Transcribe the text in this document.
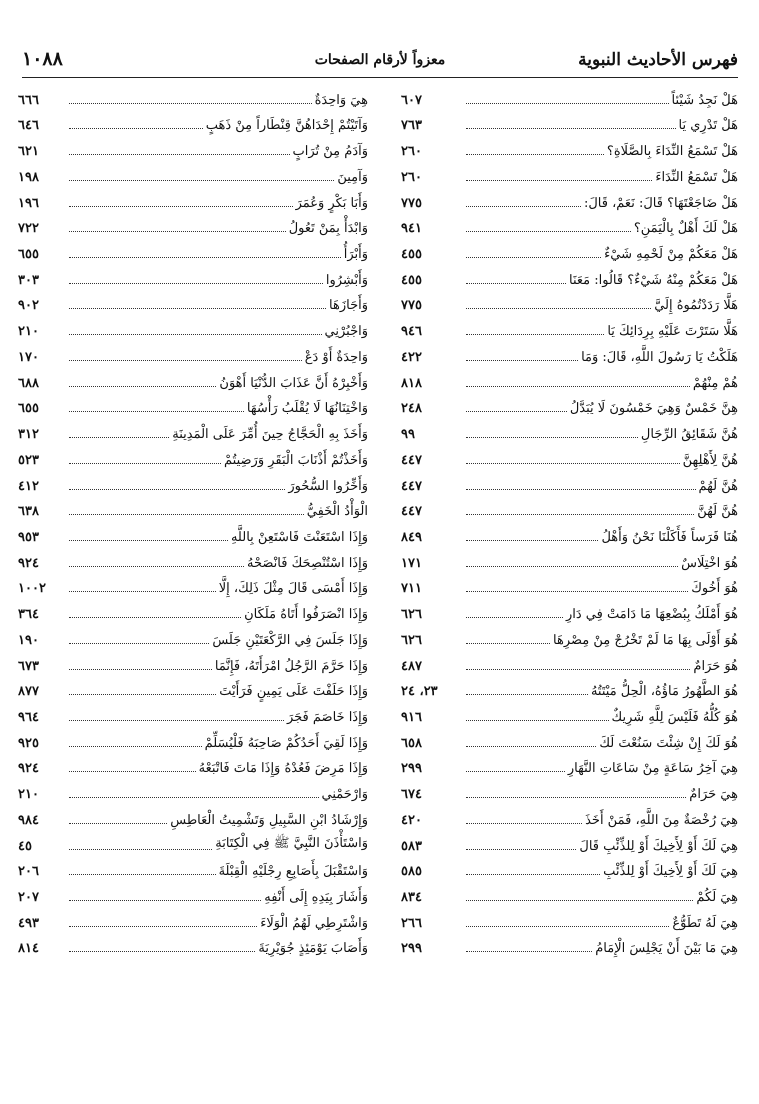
فهرس الأحاديث النبوية
معزواً لأرقام الصفحات
١٠٨٨
هَلْ نَجِدُ شَيْئاً
٦٠٧
هَلْ تَدْرِي يَا
٧٦٣
هَلْ تَسْمَعُ النِّدَاءَ بِالصَّلَاةِ؟
٢٦٠
هَلْ تَسْمَعُ النِّدَاءَ
٢٦٠
هَلْ ضَاجَعْتَهَا؟ قَالَ: نَعَمْ، قَالَ:
٧٧٥
هَلْ لَكَ أَهْلٌ بِالْيَمَنِ؟
٩٤١
هَلْ مَعَكُمْ مِنْ لَحْمِهِ شَيْءٌ
٤٥٥
هَلْ مَعَكُمْ مِنْهُ شَيْءٌ؟ قَالُوا: مَعَنَا
٤٥٥
هَلَّا رَدَدْتُمُوهُ إِلَيَّ
٧٧٥
هَلَّا سَتَرْتَ عَلَيْهِ بِرِدَائِكَ يَا
٩٤٦
هَلَكْتُ يَا رَسُولَ اللَّهِ، قَالَ: وَمَا
٤٢٢
هُمْ مِنْهُمْ
٨١٨
هِنَّ خَمْسٌ وَهِيَ خَمْسُونَ لَا يُبَدَّلُ
٢٤٨
هُنَّ شَقَائِقُ الرِّجَالِ
٩٩
هُنَّ لِأَهْلِهِنَّ
٤٤٧
هُنَّ لَهُمْ
٤٤٧
هُنَّ لَهُنَّ
٤٤٧
هُنَا فَرَساً فَأَكَلْنَا نَحْنُ وَأَهْلُ
٨٤٩
هُوَ اخْتِلَاسٌ
١٧١
هُوَ أَخُوكَ
٧١١
هُوَ أَمْلَكُ بِبُضْعِهَا مَا دَامَتْ فِي دَارِ
٦٢٦
هُوَ أَوْلَى بِهَا مَا لَمْ تَخْرُجْ مِنْ مِصْرِهَا
٦٢٦
هُوَ حَرَامٌ
٤٨٧
هُوَ الطَّهُورُ مَاؤُهُ، الْحِلُّ مَيْتَتُهُ
٢٣، ٢٤
هُوَ كُلُّهُ فَلَيْسَ لِلَّهِ شَرِيكٌ
٩١٦
هُوَ لَكَ إِنْ شِئْتَ سَنُعْتَ لَكَ
٦٥٨
هِيَ آخِرُ سَاعَةٍ مِنْ سَاعَاتِ النَّهَارِ
٢٩٩
هِيَ حَرَامٌ
٦٧٤
هِيَ رُخْصَةٌ مِنَ اللَّهِ، فَمَنْ أَخَذَ
٤٢٠
هِيَ لَكَ أَوْ لِأَخِيكَ أَوْ لِلذِّئْبِ قَالَ
٥٨٣
هِيَ لَكَ أَوْ لِأَخِيكَ أَوْ لِلذِّئْبِ
٥٨٥
هِيَ لَكُمْ
٨٣٤
هِيَ لَهُ تَطَوُّعٌ
٢٦٦
هِيَ مَا بَيْنَ أَنْ يَجْلِسَ الْإِمَامُ
٢٩٩
هِيَ وَاحِدَةٌ
٦٦٦
وَآتَيْتُمْ إِحْدَاهُنَّ قِنْطَاراً مِنْ ذَهَبٍ
٦٤٦
وَآدَمُ مِنْ تُرَابٍ
٦٢١
وَآمِينَ
١٩٨
وَأَبَا بَكْرٍ وَعُمَرَ
١٩٦
وَابْدَأْ بِمَنْ تَعُولُ
٧٢٢
وَأَبْرَأُ
٦٥٥
وَأَبْشِرُوا
٣٠٣
وَأَجَازَهَا
٩٠٢
وَاجْبُرْنِي
٢١٠
وَاحِدَةٌ أَوْ دَعْ
١٧٠
وَأَخْبِرْهُ أَنَّ عَذَابَ الدُّنْيَا أَهْوَنُ
٦٨٨
وَاخْتِنَانُهَا لَا يُقْلَبُ رَأْسُهَا
٦٥٥
وَأَخَذَ بِهِ الْحَجَّاجُ حِينَ أُمِّرَ عَلَى الْمَدِينَةِ
٣١٢
وَأَخَذْتُمْ أَذْنَابَ الْبَقَرِ وَرَضِيتُمْ
٥٢٣
وَأَخِّرُوا السُّحُورَ
٤١٢
الْوَأْدُ الْخَفِيُّ
٦٣٨
وَإِذَا اسْتَعَنْتَ فَاسْتَعِنْ بِاللَّهِ
٩٥٣
وَإِذَا اسْتُنْصِحَكَ فَانْصَحْهُ
٩٢٤
وَإِذَا أَمْسَى قَالَ مِثْلَ ذَلِكَ، إِلَّا
١٠٠٢
وَإِذَا انْصَرَفُوا أَتَاهُ مَلَكَانِ
٣٦٤
وَإِذَا جَلَسَ فِي الرَّكْعَتَيْنِ جَلَسَ
١٩٠
وَإِذَا حَرَّمَ الرَّجُلُ امْرَأَتَهُ، فَإِنَّمَا
٦٧٣
وَإِذَا حَلَفْتَ عَلَى يَمِينٍ فَرَأَيْتَ
٨٧٧
وَإِذَا خَاصَمَ فَجَرَ
٩٦٤
وَإِذَا لَقِيَ أَحَدُكُمْ صَاحِبَهُ فَلْيُسَلِّمْ
٩٢٥
وَإِذَا مَرِضَ فَعُدْهُ وَإِذَا مَاتَ فَاتْبَعْهُ
٩٢٤
وَارْحَمْنِي
٢١٠
وَإِرْشَادُ ابْنِ السَّبِيلِ وَتَشْمِيتُ الْعَاطِسِ
٩٨٤
وَاسْتَأْذَنَ النَّبِيَّ ﷺ فِي الْكِتَابَةِ
٤٥
وَاسْتَقْبَلَ بِأَصَابِعِ رِجْلَيْهِ الْقِبْلَةَ
٢٠٦
وَأَشَارَ بِيَدِهِ إِلَى أَنْفِهِ
٢٠٧
وَاشْتَرِطِي لَهُمُ الْوَلَاءَ
٤٩٣
وَأَصَابَ يَوْمَئِذٍ جُوَيْرِيَةَ
٨١٤
